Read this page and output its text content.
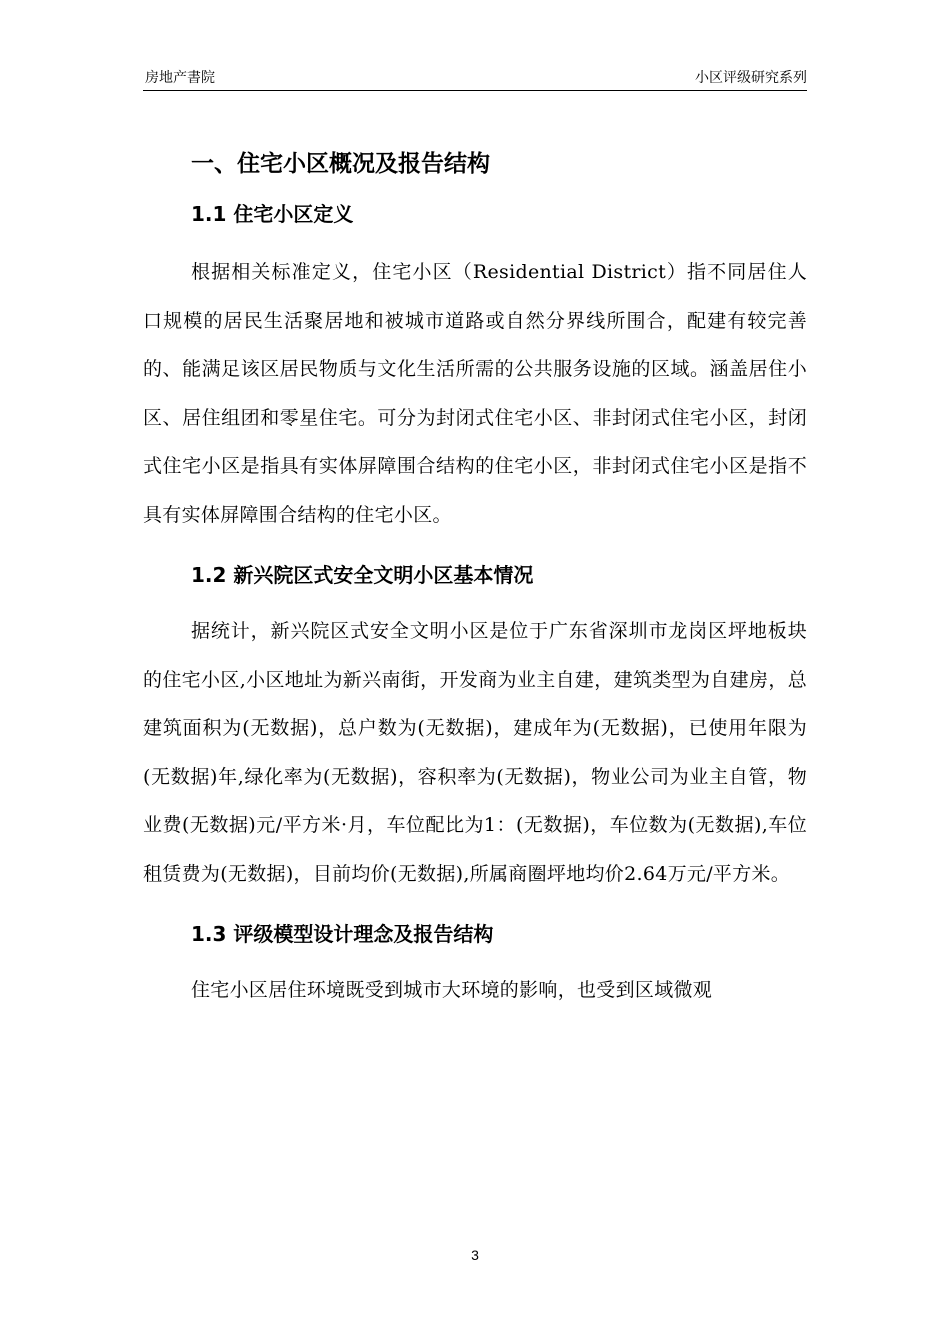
房地产書院	小区评级研究系列
一、住宅小区概况及报告结构
1.1 住宅小区定义

根据相关标准定义，住宅小区（Residential District）指不同居住人口规模的居民生活聚居地和被城市道路或自然分界线所围合，配建有较完善的、能满足该区居民物质与文化生活所需的公共服务设施的区域。涵盖居住小区、居住组团和零星住宅。可分为封闭式住宅小区、非封闭式住宅小区，封闭式住宅小区是指具有实体屏障围合结构的住宅小区，非封闭式住宅小区是指不具有实体屏障围合结构的住宅小区。

1.2 新兴院区式安全文明小区基本情况

据统计，新兴院区式安全文明小区是位于广东省深圳市龙岗区坪地板块的住宅小区,小区地址为新兴南街，开发商为业主自建，建筑类型为自建房，总建筑面积为(无数据)，总户数为(无数据)，建成年为(无数据)，已使用年限为(无数据)年,绿化率为(无数据)，容积率为(无数据)，物业公司为业主自管，物业费(无数据)元/平方米·月，车位配比为1：(无数据)，车位数为(无数据),车位租赁费为(无数据)，目前均价(无数据),所属商圈坪地均价2.64万元/平方米。

1.3 评级模型设计理念及报告结构

住宅小区居住环境既受到城市大环境的影响，也受到区域微观

3
